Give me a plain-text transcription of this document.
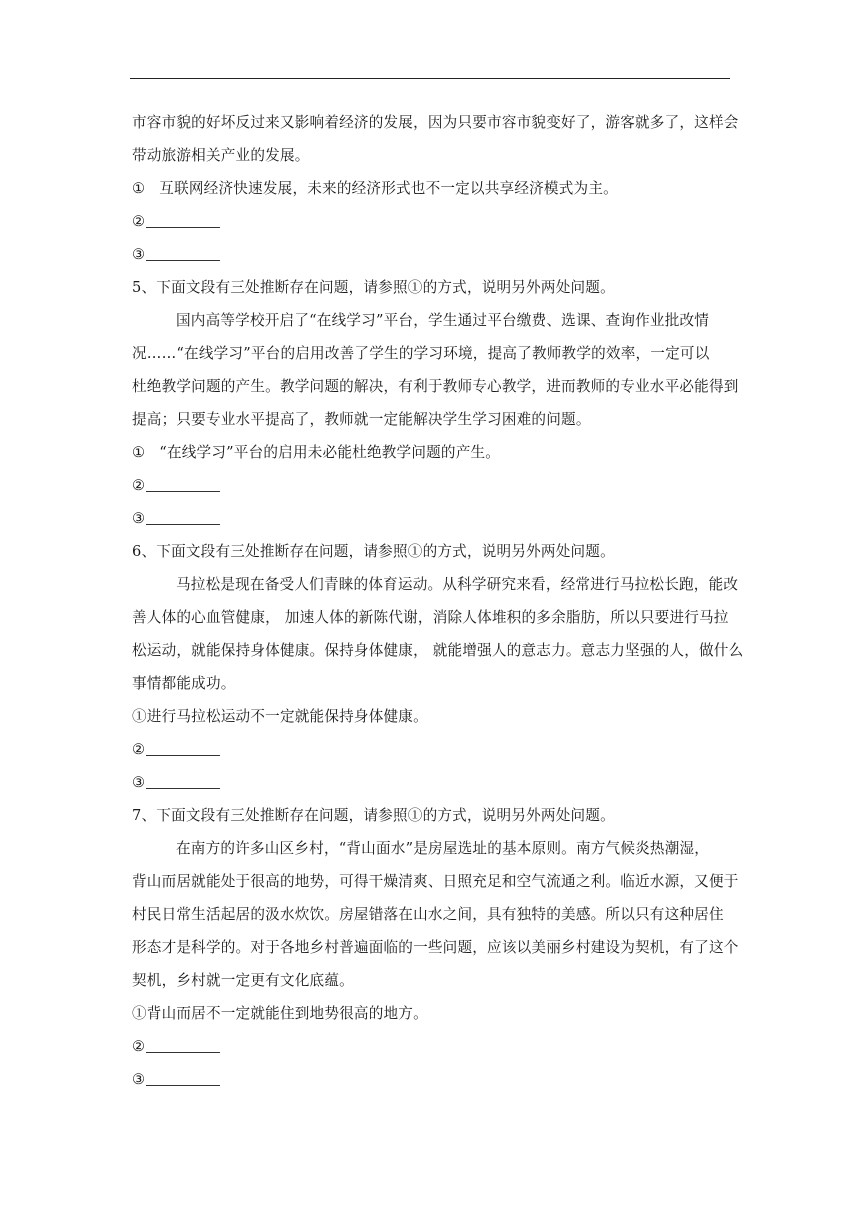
市容市貌的好坏反过来又影响着经济的发展，因为只要市容市貌变好了，游客就多了，这样会
带动旅游相关产业的发展。
① 互联网经济快速发展，未来的经济形式也不一定以共享经济模式为主。
②
③
5、下面文段有三处推断存在问题，请参照①的方式，说明另外两处问题。
国内高等学校开启了“在线学习”平台，学生通过平台缴费、选课、查询作业批改情
况……“在线学习”平台的启用改善了学生的学习环境，提高了教师教学的效率，一定可以
杜绝教学问题的产生。教学问题的解决，有利于教师专心教学，进而教师的专业水平必能得到
提高；只要专业水平提高了，教师就一定能解决学生学习困难的问题。
① “在线学习”平台的启用未必能杜绝教学问题的产生。
②
③
6、下面文段有三处推断存在问题，请参照①的方式，说明另外两处问题。
马拉松是现在备受人们青睐的体育运动。从科学研究来看，经常进行马拉松长跑，能改
善人体的心血管健康， 加速人体的新陈代谢，消除人体堆积的多余脂肪，所以只要进行马拉
松运动，就能保持身体健康。保持身体健康， 就能增强人的意志力。意志力坚强的人，做什么
事情都能成功。
①进行马拉松运动不一定就能保持身体健康。
②
③
7、下面文段有三处推断存在问题，请参照①的方式，说明另外两处问题。
在南方的许多山区乡村，“背山面水”是房屋选址的基本原则。南方气候炎热潮湿，
背山而居就能处于很高的地势，可得干燥清爽、日照充足和空气流通之利。临近水源，又便于
村民日常生活起居的汲水炊饮。房屋错落在山水之间，具有独特的美感。所以只有这种居住
形态才是科学的。对于各地乡村普遍面临的一些问题，应该以美丽乡村建设为契机，有了这个
契机，乡村就一定更有文化底蕴。
①背山而居不一定就能住到地势很高的地方。
②
③
